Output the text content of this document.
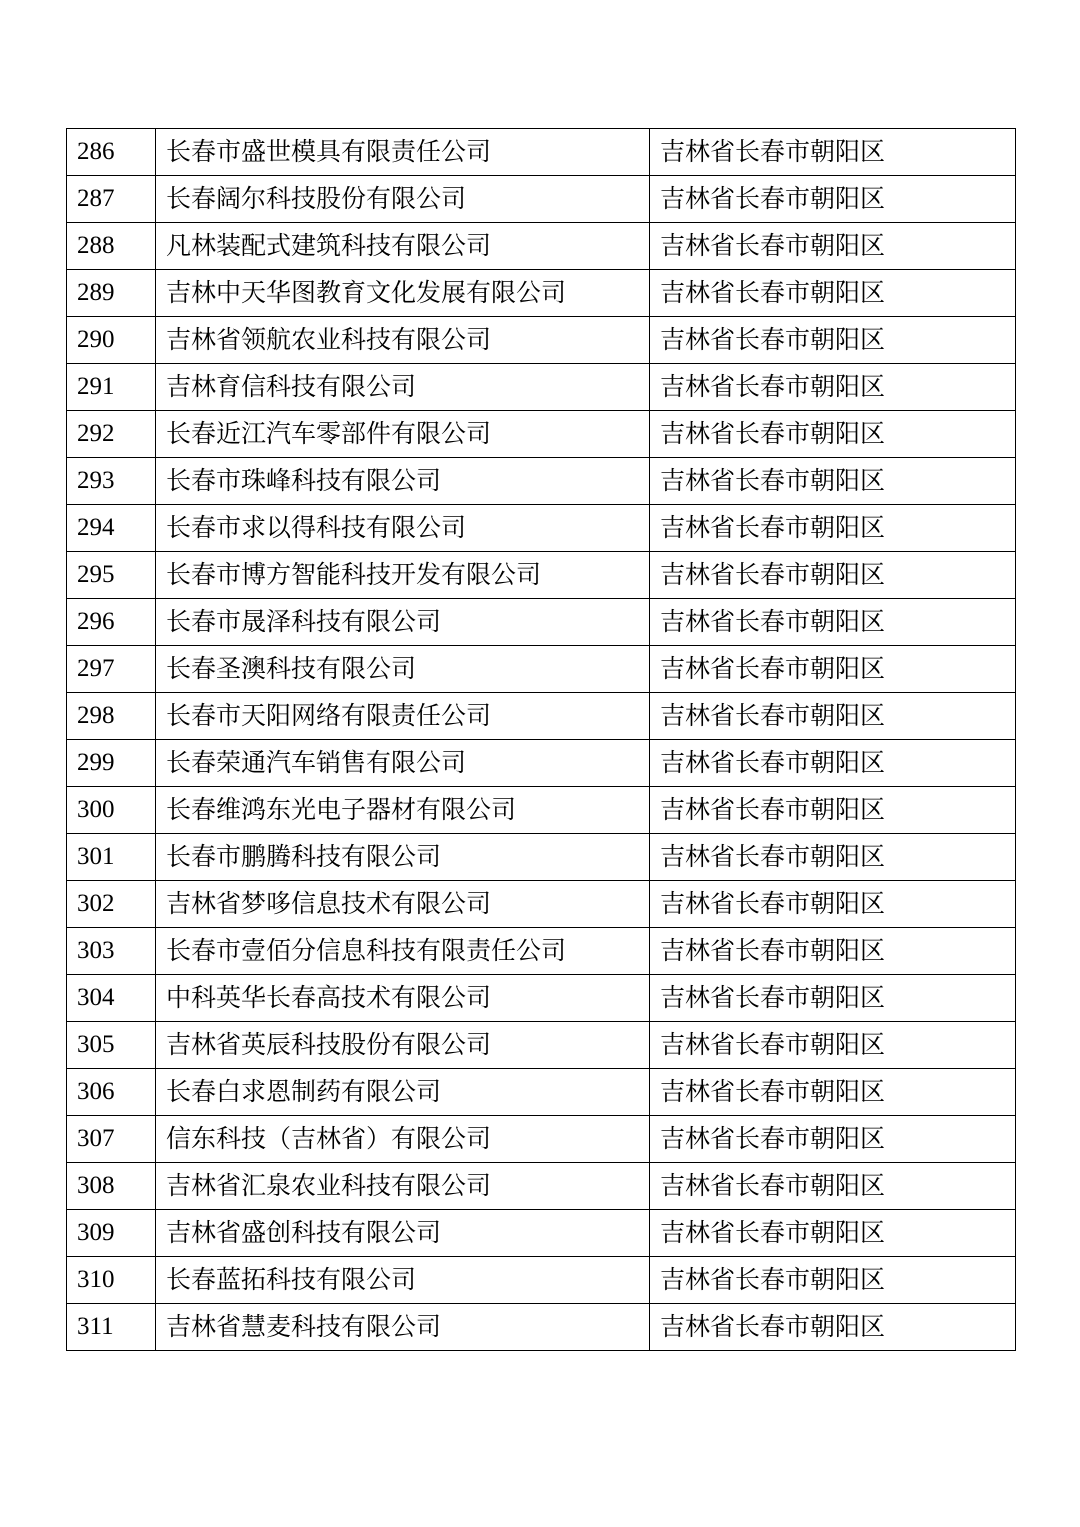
286	长春市盛世模具有限责任公司	吉林省长春市朝阳区
287	长春阔尔科技股份有限公司	吉林省长春市朝阳区
288	凡林装配式建筑科技有限公司	吉林省长春市朝阳区
289	吉林中天华图教育文化发展有限公司	吉林省长春市朝阳区
290	吉林省领航农业科技有限公司	吉林省长春市朝阳区
291	吉林育信科技有限公司	吉林省长春市朝阳区
292	长春近江汽车零部件有限公司	吉林省长春市朝阳区
293	长春市珠峰科技有限公司	吉林省长春市朝阳区
294	长春市求以得科技有限公司	吉林省长春市朝阳区
295	长春市博方智能科技开发有限公司	吉林省长春市朝阳区
296	长春市晟泽科技有限公司	吉林省长春市朝阳区
297	长春圣澳科技有限公司	吉林省长春市朝阳区
298	长春市天阳网络有限责任公司	吉林省长春市朝阳区
299	长春荣通汽车销售有限公司	吉林省长春市朝阳区
300	长春维鸿东光电子器材有限公司	吉林省长春市朝阳区
301	长春市鹏腾科技有限公司	吉林省长春市朝阳区
302	吉林省梦哆信息技术有限公司	吉林省长春市朝阳区
303	长春市壹佰分信息科技有限责任公司	吉林省长春市朝阳区
304	中科英华长春高技术有限公司	吉林省长春市朝阳区
305	吉林省英辰科技股份有限公司	吉林省长春市朝阳区
306	长春白求恩制药有限公司	吉林省长春市朝阳区
307	信东科技（吉林省）有限公司	吉林省长春市朝阳区
308	吉林省汇泉农业科技有限公司	吉林省长春市朝阳区
309	吉林省盛创科技有限公司	吉林省长春市朝阳区
310	长春蓝拓科技有限公司	吉林省长春市朝阳区
311	吉林省慧麦科技有限公司	吉林省长春市朝阳区
